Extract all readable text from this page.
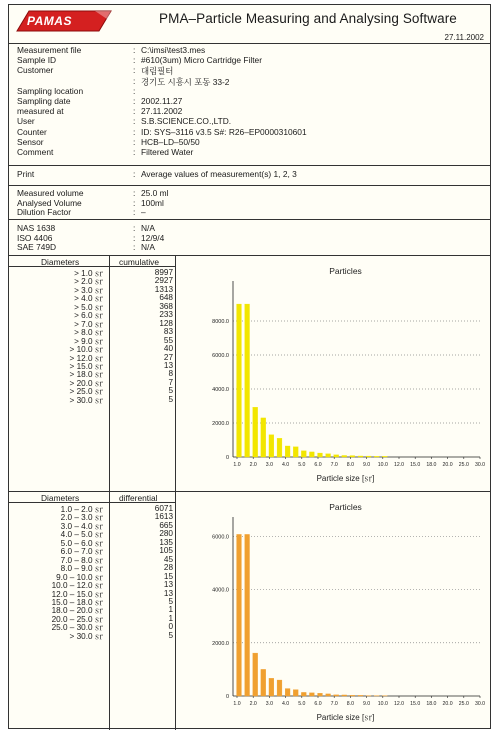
PAMAS	PMA–Particle Measuring and Analysing Software
27.11.2002
Measurement file	: C:\imsi\test3.mes
Sample ID	: #610(3um) Micro Cartridge Filter
Customer	: 대림필터
: 경기도 시흥시 포동 33-2
Sampling location	:
Sampling date	: 2002.11.27
measured at	: 27.11.2002
User	: S.B.SCIENCE.CO.,LTD.
Counter	: ID: SYS–3116 v3.5 S#: R26–EP0000310601
Sensor	: HCB–LD–50/50
Comment	: Filtered Water
Print	: Average values of measurement(s) 1, 2, 3
Measured volume	: 25.0 ml
Analysed Volume	: 100ml
Dilution Factor	: –
NAS 1638	: N/A
ISO 4406	: 12/9/4
SAE 749D	: N/A
Diameters	cumulative
> 1.0 ㏛	8997
> 2.0 ㏛	2927
> 3.0 ㏛	1313
> 4.0 ㏛	648
> 5.0 ㏛	368
> 6.0 ㏛	233
> 7.0 ㏛	128
> 8.0 ㏛	83
> 9.0 ㏛	55
> 10.0 ㏛	40
> 12.0 ㏛	27
> 15.0 ㏛	13
> 18.0 ㏛	8
> 20.0 ㏛	7
> 25.0 ㏛	5
> 30.0 ㏛	5
Diameters	differential
1.0 – 2.0 ㏛	6071
2.0 – 3.0 ㏛	1613
3.0 – 4.0 ㏛	665
4.0 – 5.0 ㏛	280
5.0 – 6.0 ㏛	135
6.0 – 7.0 ㏛	105
7.0 – 8.0 ㏛	45
8.0 – 9.0 ㏛	28
9.0 – 10.0 ㏛	15
10.0 – 12.0 ㏛	13
12.0 – 15.0 ㏛	13
15.0 – 18.0 ㏛	5
18.0 – 20.0 ㏛	1
20.0 – 25.0 ㏛	1
25.0 – 30.0 ㏛	0
> 30.0 ㏛	5
Particles
0
2000.0
4000.0
6000.0
8000.0
1.0 2.0 3.0 4.0 5.0 6.0 7.0 8.0 9.0 10.0 12.0 15.0 18.0 20.0 25.0 30.0
Particle size [㏛]
Particles
0
2000.0
4000.0
6000.0
1.0 2.0 3.0 4.0 5.0 6.0 7.0 8.0 9.0 10.0 12.0 15.0 18.0 20.0 25.0 30.0
Particle size [㏛]
